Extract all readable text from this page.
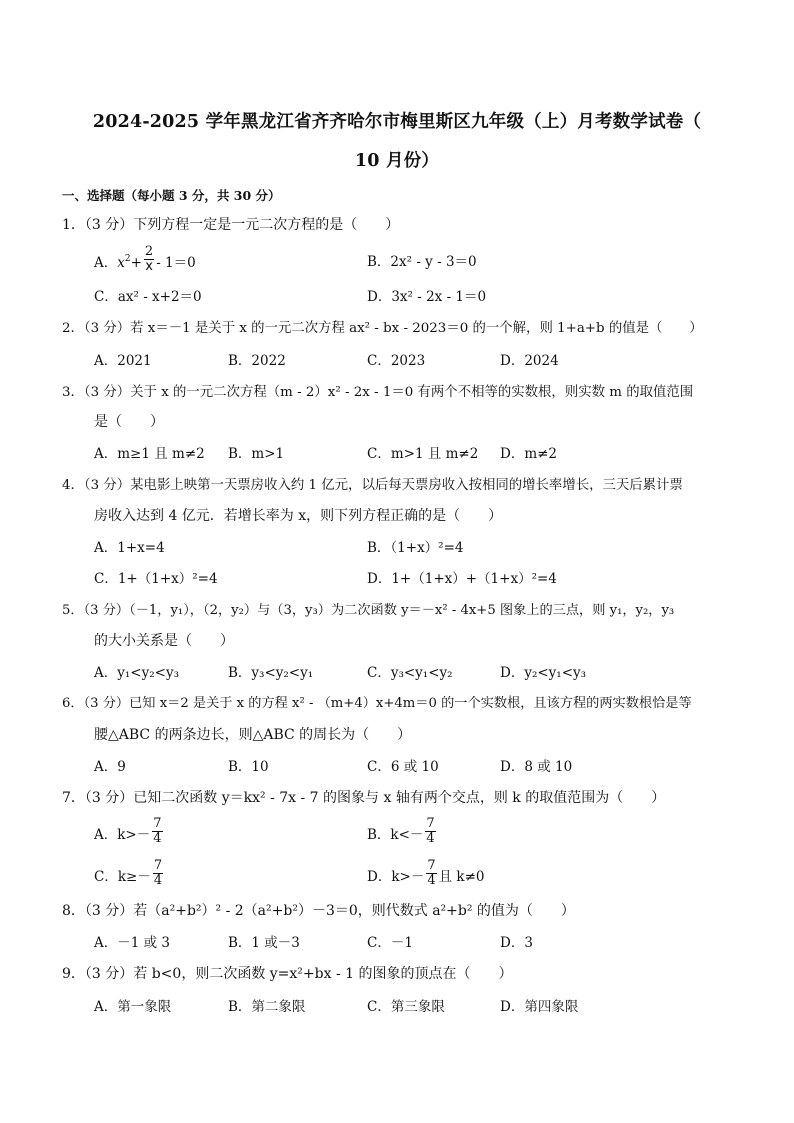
2024-2025 学年黑龙江省齐齐哈尔市梅里斯区九年级（上）月考数学试卷（
10 月份）
一、选择题（每小题 3 分，共 30 分）
1．（3 分）下列方程一定是一元二次方程的是（　　）
A．$x^2+ \frac{2}{x} - 1=0$	B．2x² - y - 3＝0
C．ax² - x+2＝0	D．3x² - 2x - 1＝0
2．（3 分）若 x＝－1 是关于 x 的一元二次方程 ax² - bx - 2023＝0 的一个解，则 1+a+b 的值是（　　）
A．2021	B．2022	C．2023	D．2024
3．（3 分）关于 x 的一元二次方程（m - 2）x² - 2x - 1＝0 有两个不相等的实数根，则实数 m 的取值范围
是（　　）
A．m≥1 且 m≠2 B．m>1	C．m>1 且 m≠2 D．m≠2
4．（3 分）某电影上映第一天票房收入约 1 亿元，以后每天票房收入按相同的增长率增长，三天后累计票
房收入达到 4 亿元．若增长率为 x，则下列方程正确的是（　　）
A．1+x=4	B．（1+x）²=4
C．1+（1+x）²=4	D．1+（1+x）+（1+x）²=4
5．（3 分）（－1，y₁），（2，y₂）与（3，y₃）为二次函数 y＝－x² - 4x+5 图象上的三点，则 y₁，y₂，y₃
的大小关系是（　　）
A．y₁<y₂<y₃	B．y₃<y₂<y₁	C．y₃<y₁<y₂	D．y₂<y₁<y₃
6．（3 分）已知 x＝2 是关于 x 的方程 x² - （m+4）x+4m＝0 的一个实数根，且该方程的两实数根恰是等
腰△ABC 的两条边长，则△ABC 的周长为（　　）
A．9	B．10	C．6 或 10	D．8 或 10
7．（3 分）已知二次函数 y＝kx² - 7x - 7 的图象与 x 轴有两个交点，则 k 的取值范围为（　　）
A．$k>- \frac{7}{4}$	B．$k<- \frac{7}{4}$
C．$k\ge- \frac{7}{4}$	D．$k>- \frac{7}{4}$ 且 k≠0
8．（3 分）若（a²+b²）² - 2（a²+b²）－3＝0，则代数式 a²+b² 的值为（　　）
A．－1 或 3	B．1 或－3	C．－1	D．3
9．（3 分）若 b<0，则二次函数 y=x²+bx - 1 的图象的顶点在（　　）
A．第一象限	B．第二象限	C．第三象限	D．第四象限
